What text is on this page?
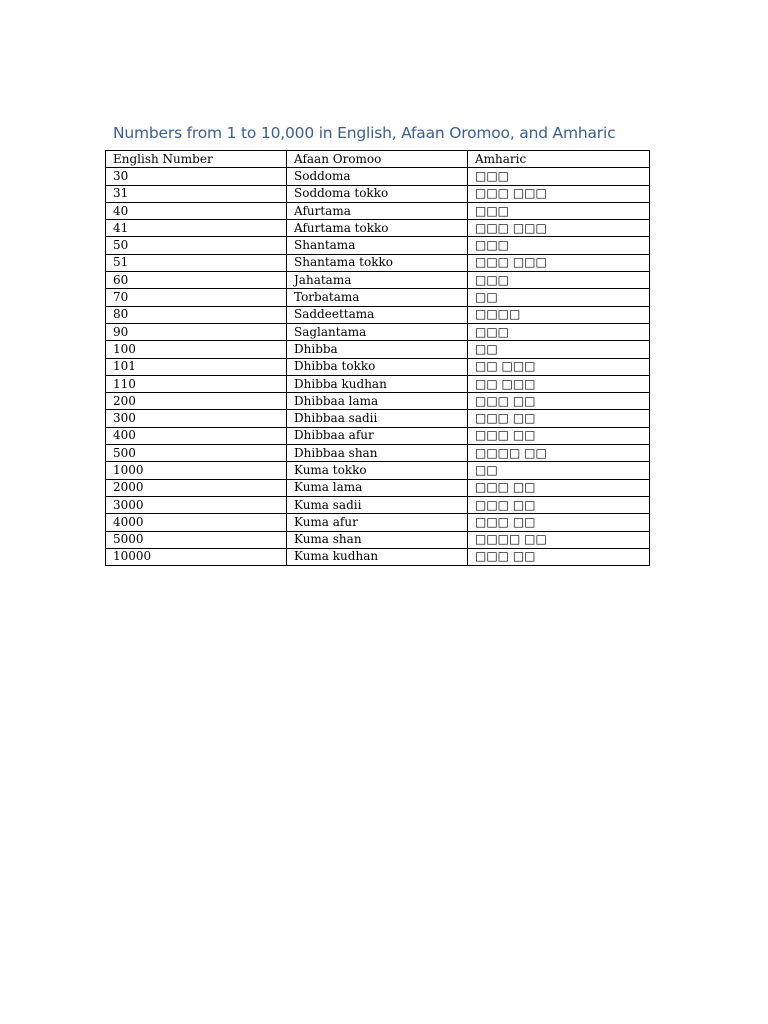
Numbers from 1 to 10,000 in English, Afaan Oromoo, and Amharic
English Number	Afaan Oromoo	Amharic
30	Soddoma	□□□
31	Soddoma tokko	□□□ □□□
40	Afurtama	□□□
41	Afurtama tokko	□□□ □□□
50	Shantama	□□□
51	Shantama tokko	□□□ □□□
60	Jahatama	□□□
70	Torbatama	□□
80	Saddeettama	□□□□
90	Saglantama	□□□
100	Dhibba	□□
101	Dhibba tokko	□□ □□□
110	Dhibba kudhan	□□ □□□
200	Dhibbaa lama	□□□ □□
300	Dhibbaa sadii	□□□ □□
400	Dhibbaa afur	□□□ □□
500	Dhibbaa shan	□□□□ □□
1000	Kuma tokko	□□
2000	Kuma lama	□□□ □□
3000	Kuma sadii	□□□ □□
4000	Kuma afur	□□□ □□
5000	Kuma shan	□□□□ □□
10000	Kuma kudhan	□□□ □□
